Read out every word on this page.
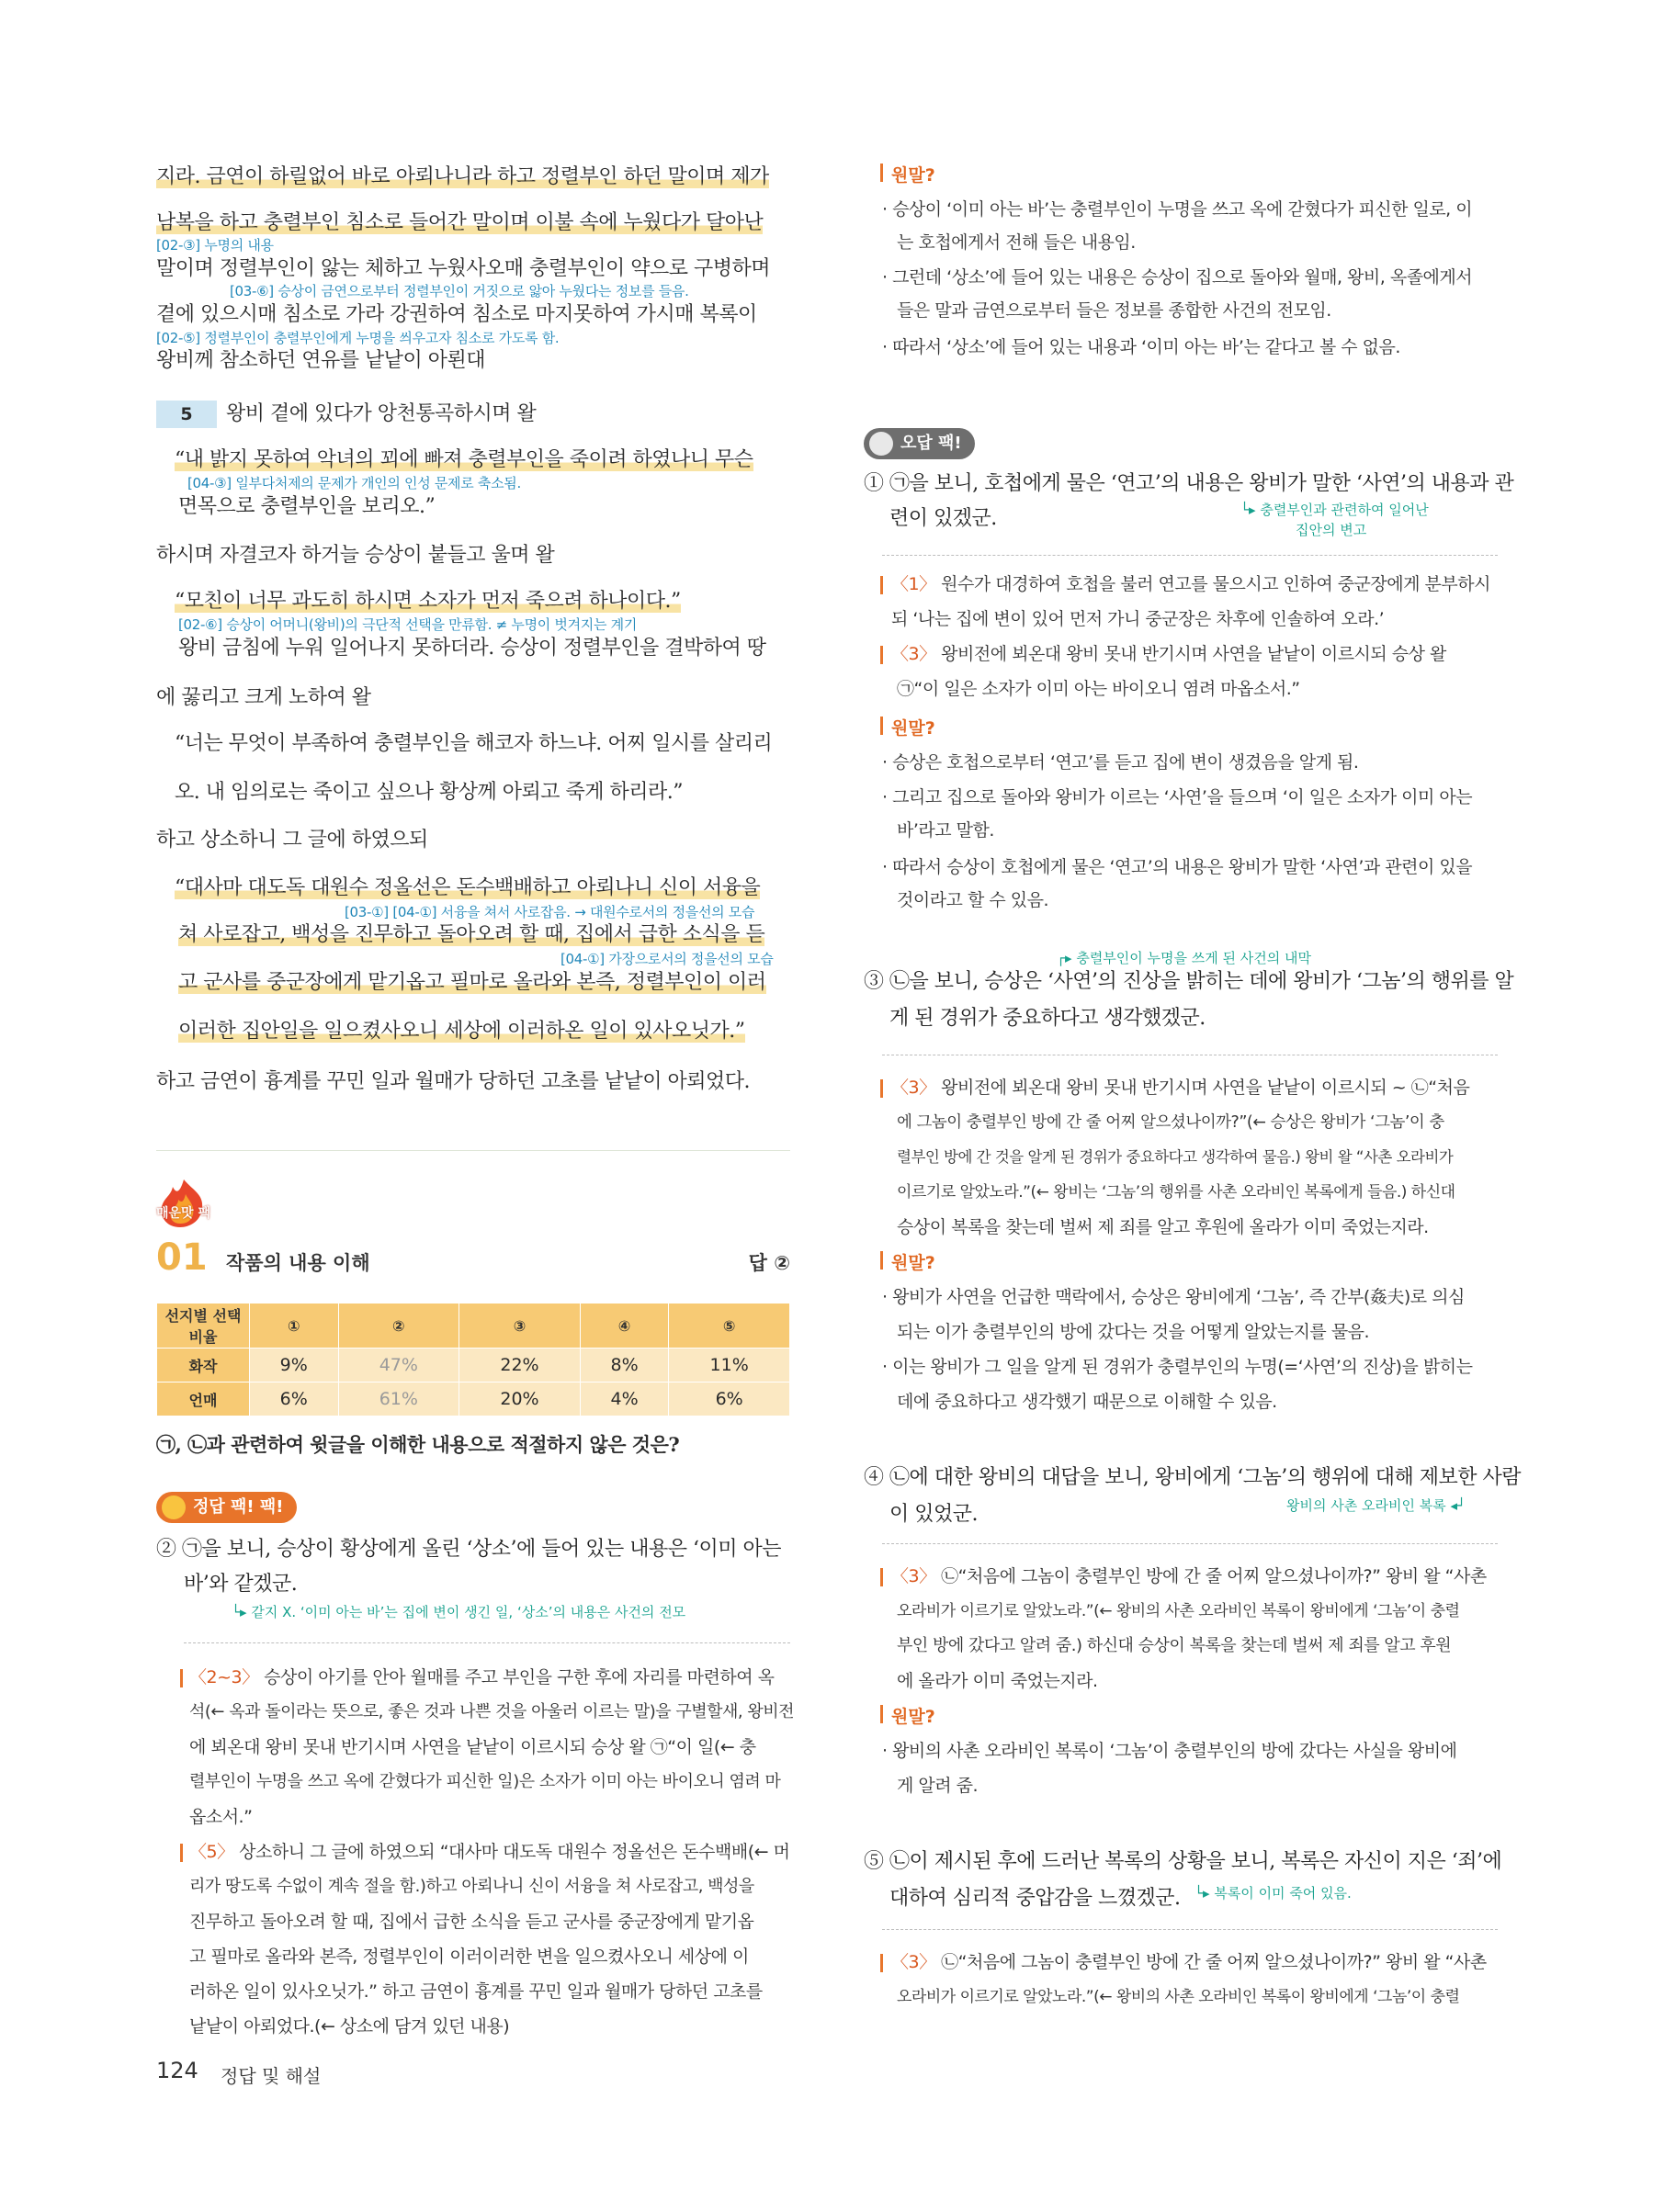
지라. 금연이 하릴없어 바로 아뢰나니라 하고 정렬부인 하던 말이며 제가
남복을 하고 충렬부인 침소로 들어간 말이며 이불 속에 누웠다가 달아난
[02-③] 누명의 내용
말이며 정렬부인이 앓는 체하고 누웠사오매 충렬부인이 약으로 구병하며
[03-⑥] 승상이 금연으로부터 정렬부인이 거짓으로 앓아 누웠다는 정보를 들음.
곁에 있으시매 침소로 가라 강권하여 침소로 마지못하여 가시매 복록이
[02-⑤] 정렬부인이 충렬부인에게 누명을 씌우고자 침소로 가도록 함.
왕비께 참소하던 연유를 낱낱이 아뢴대
5	왕비 곁에 있다가 앙천통곡하시며 왈
“내 밝지 못하여 악녀의 꾀에 빠져 충렬부인을 죽이려 하였나니 무슨
[04-③] 일부다처제의 문제가 개인의 인성 문제로 축소됨.
면목으로 충렬부인을 보리오.”
하시며 자결코자 하거늘 승상이 붙들고 울며 왈
“모친이 너무 과도히 하시면 소자가 먼저 죽으려 하나이다.”
[02-⑥] 승상이 어머니(왕비)의 극단적 선택을 만류함. ≠ 누명이 벗겨지는 계기
왕비 금침에 누워 일어나지 못하더라. 승상이 정렬부인을 결박하여 땅
에 꿇리고 크게 노하여 왈
“너는 무엇이 부족하여 충렬부인을 해코자 하느냐. 어찌 일시를 살리리
오. 내 임의로는 죽이고 싶으나 황상께 아뢰고 죽게 하리라.”
하고 상소하니 그 글에 하였으되
“대사마 대도독 대원수 정올선은 돈수백배하고 아뢰나니 신이 서융을
[03-①] [04-①] 서융을 쳐서 사로잡음. → 대원수로서의 정을선의 모습
쳐 사로잡고, 백성을 진무하고 돌아오려 할 때, 집에서 급한 소식을 듣
[04-①] 가장으로서의 정을선의 모습
고 군사를 중군장에게 맡기옵고 필마로 올라와 본즉, 정렬부인이 이러
이러한 집안일을 일으켰사오니 세상에 이러하온 일이 있사오닛가.”
하고 금연이 흉계를 꾸민 일과 월매가 당하던 고초를 낱낱이 아뢰었다.
매운맛 팩
01 작품의 내용 이해	답 ②
선지별 선택 비율	①	②	③	④	⑤
화작	9%	47%	22%	8%	11%
언매	6%	61%	20%	4%	6%
㉠, ㉡과 관련하여 윗글을 이해한 내용으로 적절하지 않은 것은?
정답 팩! 팩!
② ㉠을 보니, 승상이 황상에게 올린 ‘상소’에 들어 있는 내용은 ‘이미 아는
바’와 같겠군.
└▸ 같지 X. ‘이미 아는 바’는 집에 변이 생긴 일, ‘상소’의 내용은 사건의 전모
〈2~3〉 승상이 아기를 안아 월매를 주고 부인을 구한 후에 자리를 마련하여 옥
석(← 옥과 돌이라는 뜻으로, 좋은 것과 나쁜 것을 아울러 이르는 말)을 구별할새, 왕비전
에 뵈온대 왕비 못내 반기시며 사연을 낱낱이 이르시되 승상 왈 ㉠“이 일(← 충
렬부인이 누명을 쓰고 옥에 갇혔다가 피신한 일)은 소자가 이미 아는 바이오니 염려 마
옵소서.”
〈5〉 상소하니 그 글에 하였으되 “대사마 대도독 대원수 정올선은 돈수백배(← 머
리가 땅도록 수없이 계속 절을 함.)하고 아뢰나니 신이 서융을 쳐 사로잡고, 백성을
진무하고 돌아오려 할 때, 집에서 급한 소식을 듣고 군사를 중군장에게 맡기옵
고 필마로 올라와 본즉, 정렬부인이 이러이러한 변을 일으켰사오니 세상에 이
러하온 일이 있사오닛가.” 하고 금연이 흉계를 꾸민 일과 월매가 당하던 고초를
낱낱이 아뢰었다.(← 상소에 담겨 있던 내용)
124 정답 및 해설
원말?
· 승상이 ‘이미 아는 바’는 충렬부인이 누명을 쓰고 옥에 갇혔다가 피신한 일로, 이
는 호첩에게서 전해 들은 내용임.
· 그런데 ‘상소’에 들어 있는 내용은 승상이 집으로 돌아와 월매, 왕비, 옥졸에게서
들은 말과 금연으로부터 들은 정보를 종합한 사건의 전모임.
· 따라서 ‘상소’에 들어 있는 내용과 ‘이미 아는 바’는 같다고 볼 수 없음.
오답 팩!
① ㉠을 보니, 호첩에게 물은 ‘연고’의 내용은 왕비가 말한 ‘사연’의 내용과 관
련이 있겠군.	└▸ 충렬부인과 관련하여 일어난
집안의 변고
〈1〉 원수가 대경하여 호첩을 불러 연고를 물으시고 인하여 중군장에게 분부하시
되 ‘나는 집에 변이 있어 먼저 가니 중군장은 차후에 인솔하여 오라.’
〈3〉 왕비전에 뵈온대 왕비 못내 반기시며 사연을 낱낱이 이르시되 승상 왈
㉠“이 일은 소자가 이미 아는 바이오니 염려 마옵소서.”
원말?
· 승상은 호첩으로부터 ‘연고’를 듣고 집에 변이 생겼음을 알게 됨.
· 그리고 집으로 돌아와 왕비가 이르는 ‘사연’을 들으며 ‘이 일은 소자가 이미 아는
바’라고 말함.
· 따라서 승상이 호첩에게 물은 ‘연고’의 내용은 왕비가 말한 ‘사연’과 관련이 있을
것이라고 할 수 있음.
┌▸ 충렬부인이 누명을 쓰게 된 사건의 내막
③ ㉡을 보니, 승상은 ‘사연’의 진상을 밝히는 데에 왕비가 ‘그놈’의 행위를 알
게 된 경위가 중요하다고 생각했겠군.
〈3〉 왕비전에 뵈온대 왕비 못내 반기시며 사연을 낱낱이 이르시되 ~ ㉡“처음
에 그놈이 충렬부인 방에 간 줄 어찌 알으셨나이까?”(← 승상은 왕비가 ‘그놈’이 충
렬부인 방에 간 것을 알게 된 경위가 중요하다고 생각하여 물음.) 왕비 왈 “사촌 오라비가
이르기로 알았노라.”(← 왕비는 ‘그놈’의 행위를 사촌 오라비인 복록에게 들음.) 하신대
승상이 복록을 찾는데 벌써 제 죄를 알고 후원에 올라가 이미 죽었는지라.
원말?
· 왕비가 사연을 언급한 맥락에서, 승상은 왕비에게 ‘그놈’, 즉 간부(姦夫)로 의심
되는 이가 충렬부인의 방에 갔다는 것을 어떻게 알았는지를 물음.
· 이는 왕비가 그 일을 알게 된 경위가 충렬부인의 누명(=‘사연’의 진상)을 밝히는
데에 중요하다고 생각했기 때문으로 이해할 수 있음.
④ ㉡에 대한 왕비의 대답을 보니, 왕비에게 ‘그놈’의 행위에 대해 제보한 사람
이 있었군.	왕비의 사촌 오라비인 복록 ◂┘
〈3〉 ㉡“처음에 그놈이 충렬부인 방에 간 줄 어찌 알으셨나이까?” 왕비 왈 “사촌
오라비가 이르기로 알았노라.”(← 왕비의 사촌 오라비인 복록이 왕비에게 ‘그놈’이 충렬
부인 방에 갔다고 알려 줌.) 하신대 승상이 복록을 찾는데 벌써 제 죄를 알고 후원
에 올라가 이미 죽었는지라.
원말?
· 왕비의 사촌 오라비인 복록이 ‘그놈’이 충렬부인의 방에 갔다는 사실을 왕비에
게 알려 줌.
⑤ ㉡이 제시된 후에 드러난 복록의 상황을 보니, 복록은 자신이 지은 ‘죄’에
대하여 심리적 중압감을 느꼈겠군. └▸ 복록이 이미 죽어 있음.
〈3〉 ㉡“처음에 그놈이 충렬부인 방에 간 줄 어찌 알으셨나이까?” 왕비 왈 “사촌
오라비가 이르기로 알았노라.”(← 왕비의 사촌 오라비인 복록이 왕비에게 ‘그놈’이 충렬
